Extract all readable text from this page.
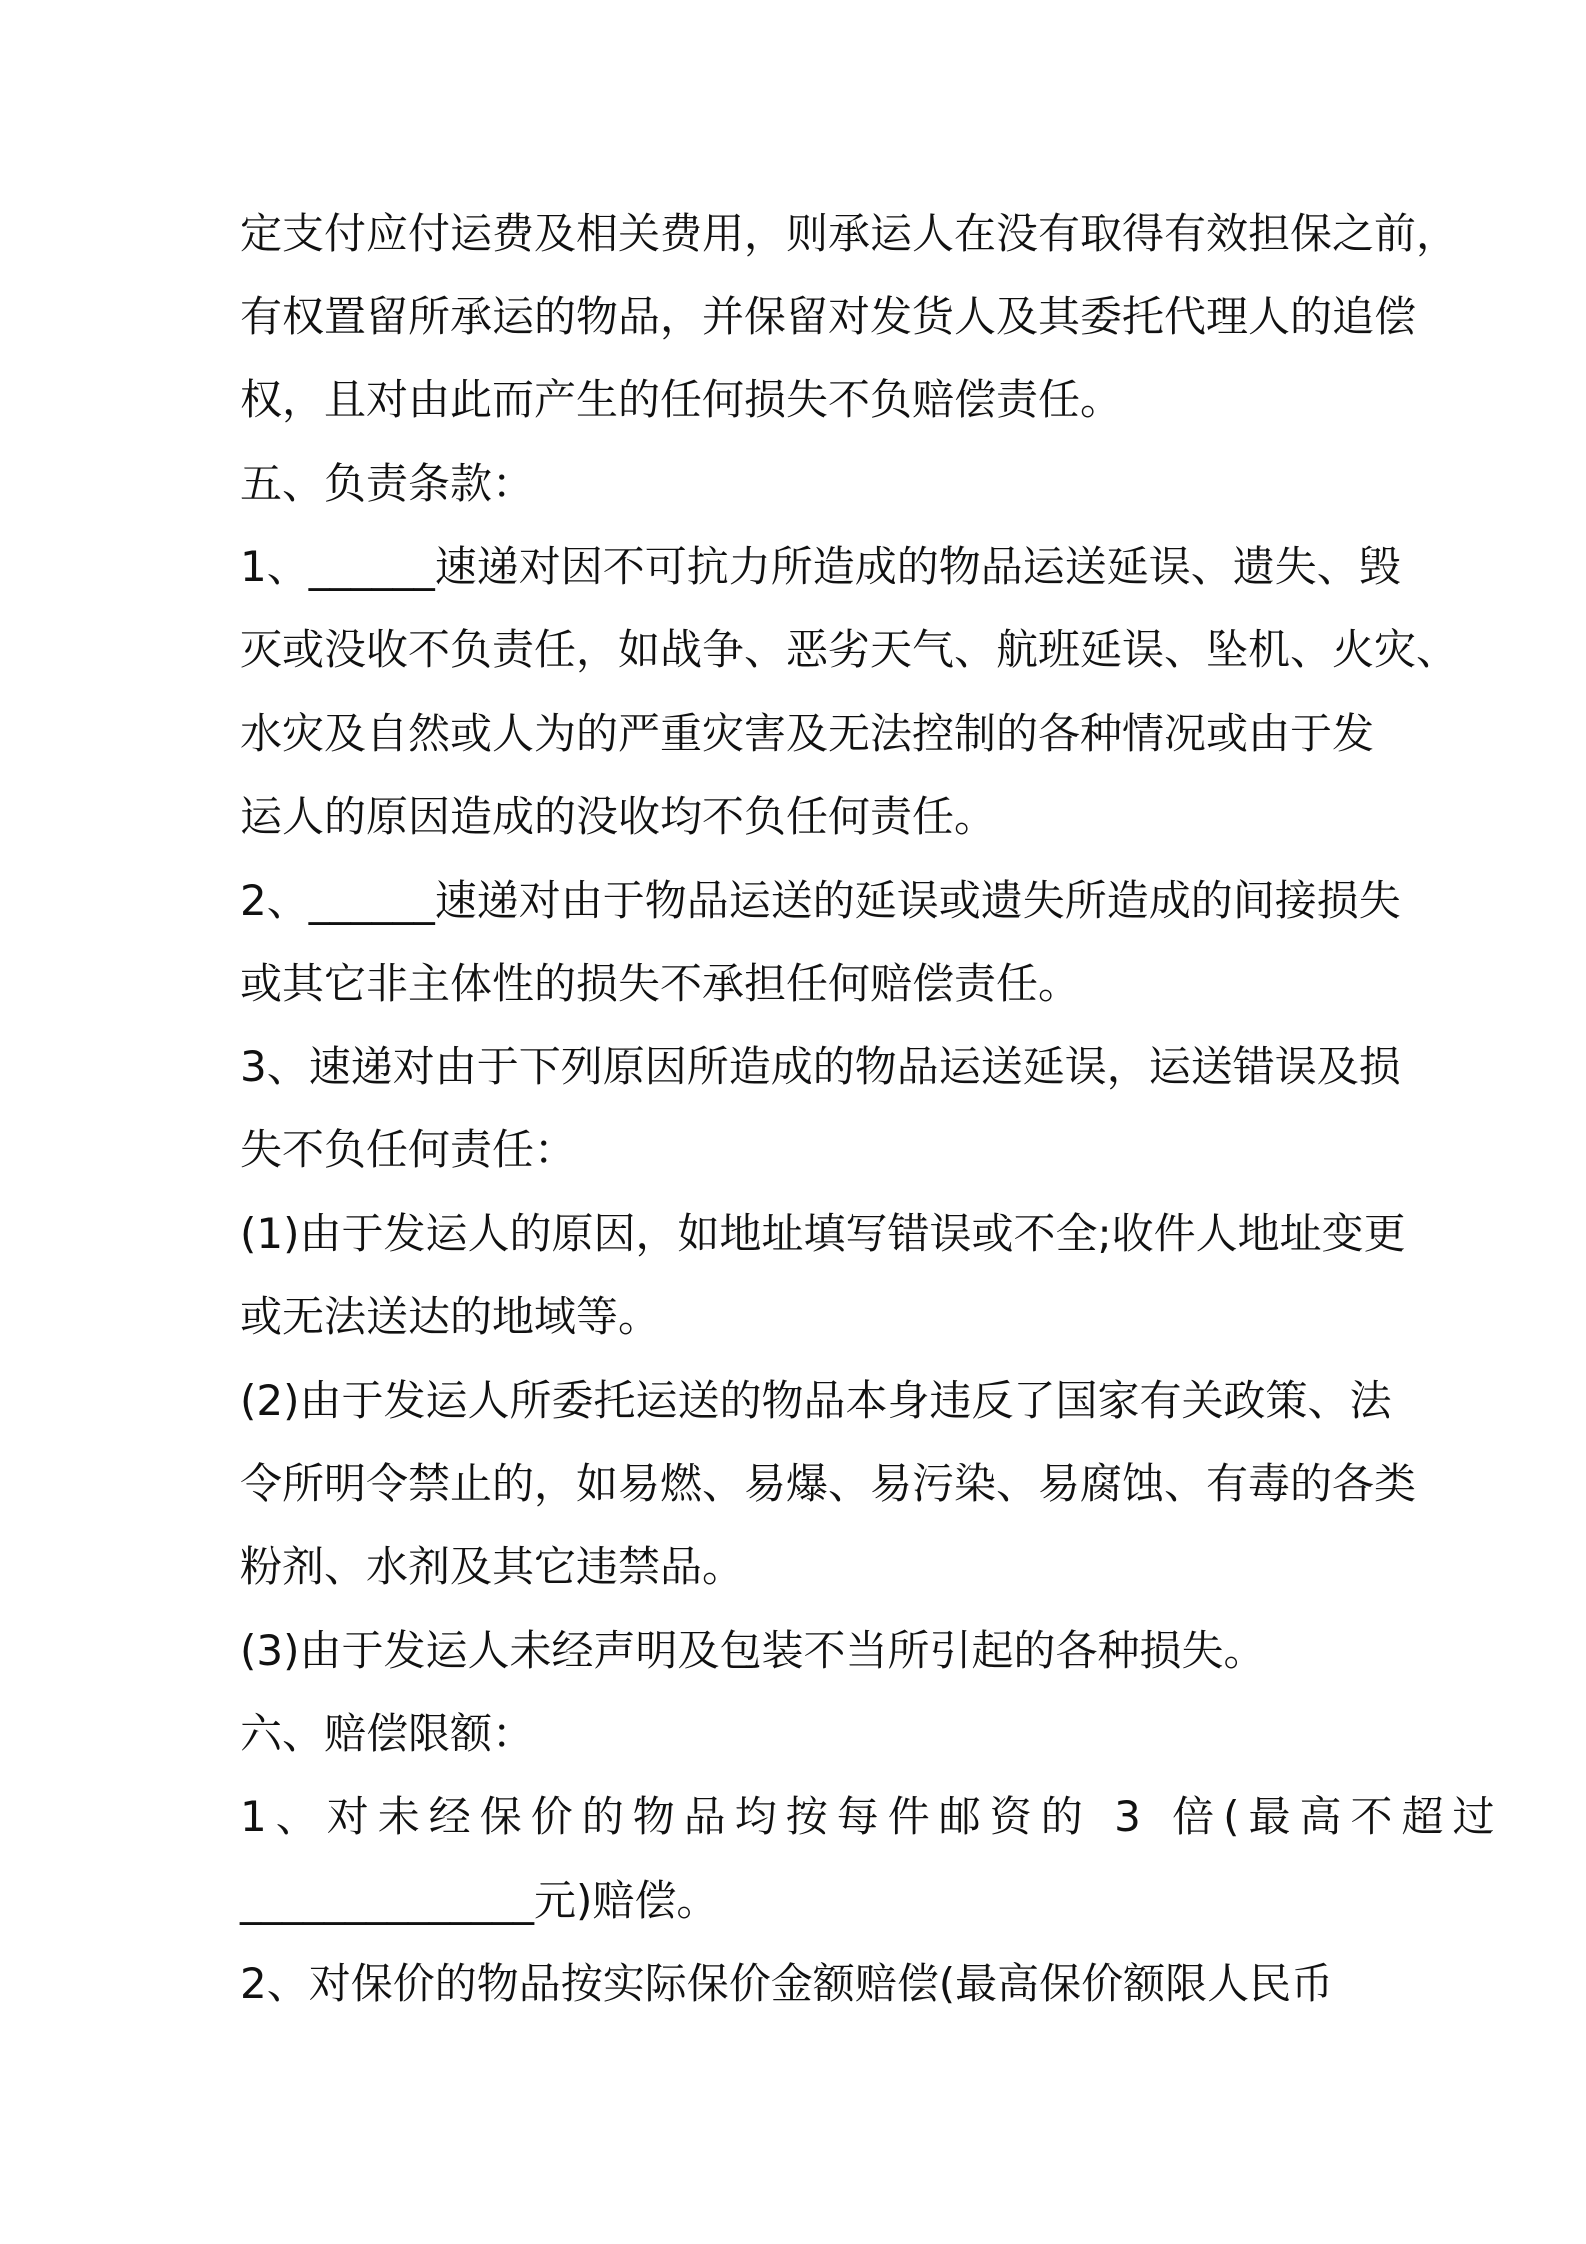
定支付应付运费及相关费用，则承运人在没有取得有效担保之前，
有权置留所承运的物品，并保留对发货人及其委托代理人的追偿
权，且对由此而产生的任何损失不负赔偿责任。
五、负责条款：
1、______速递对因不可抗力所造成的物品运送延误、遗失、毁
灭或没收不负责任，如战争、恶劣天气、航班延误、坠机、火灾、
水灾及自然或人为的严重灾害及无法控制的各种情况或由于发
运人的原因造成的没收均不负任何责任。
2、______速递对由于物品运送的延误或遗失所造成的间接损失
或其它非主体性的损失不承担任何赔偿责任。
3、速递对由于下列原因所造成的物品运送延误，运送错误及损
失不负任何责任：
(1)由于发运人的原因，如地址填写错误或不全;收件人地址变更
或无法送达的地域等。
(2)由于发运人所委托运送的物品本身违反了国家有关政策、法
令所明令禁止的，如易燃、易爆、易污染、易腐蚀、有毒的各类
粉剂、水剂及其它违禁品。
(3)由于发运人未经声明及包装不当所引起的各种损失。
六、赔偿限额：
1、对未经保价的物品均按每件邮资的 3 倍(最高不超过
______________元)赔偿。
2、对保价的物品按实际保价金额赔偿(最高保价额限人民币
